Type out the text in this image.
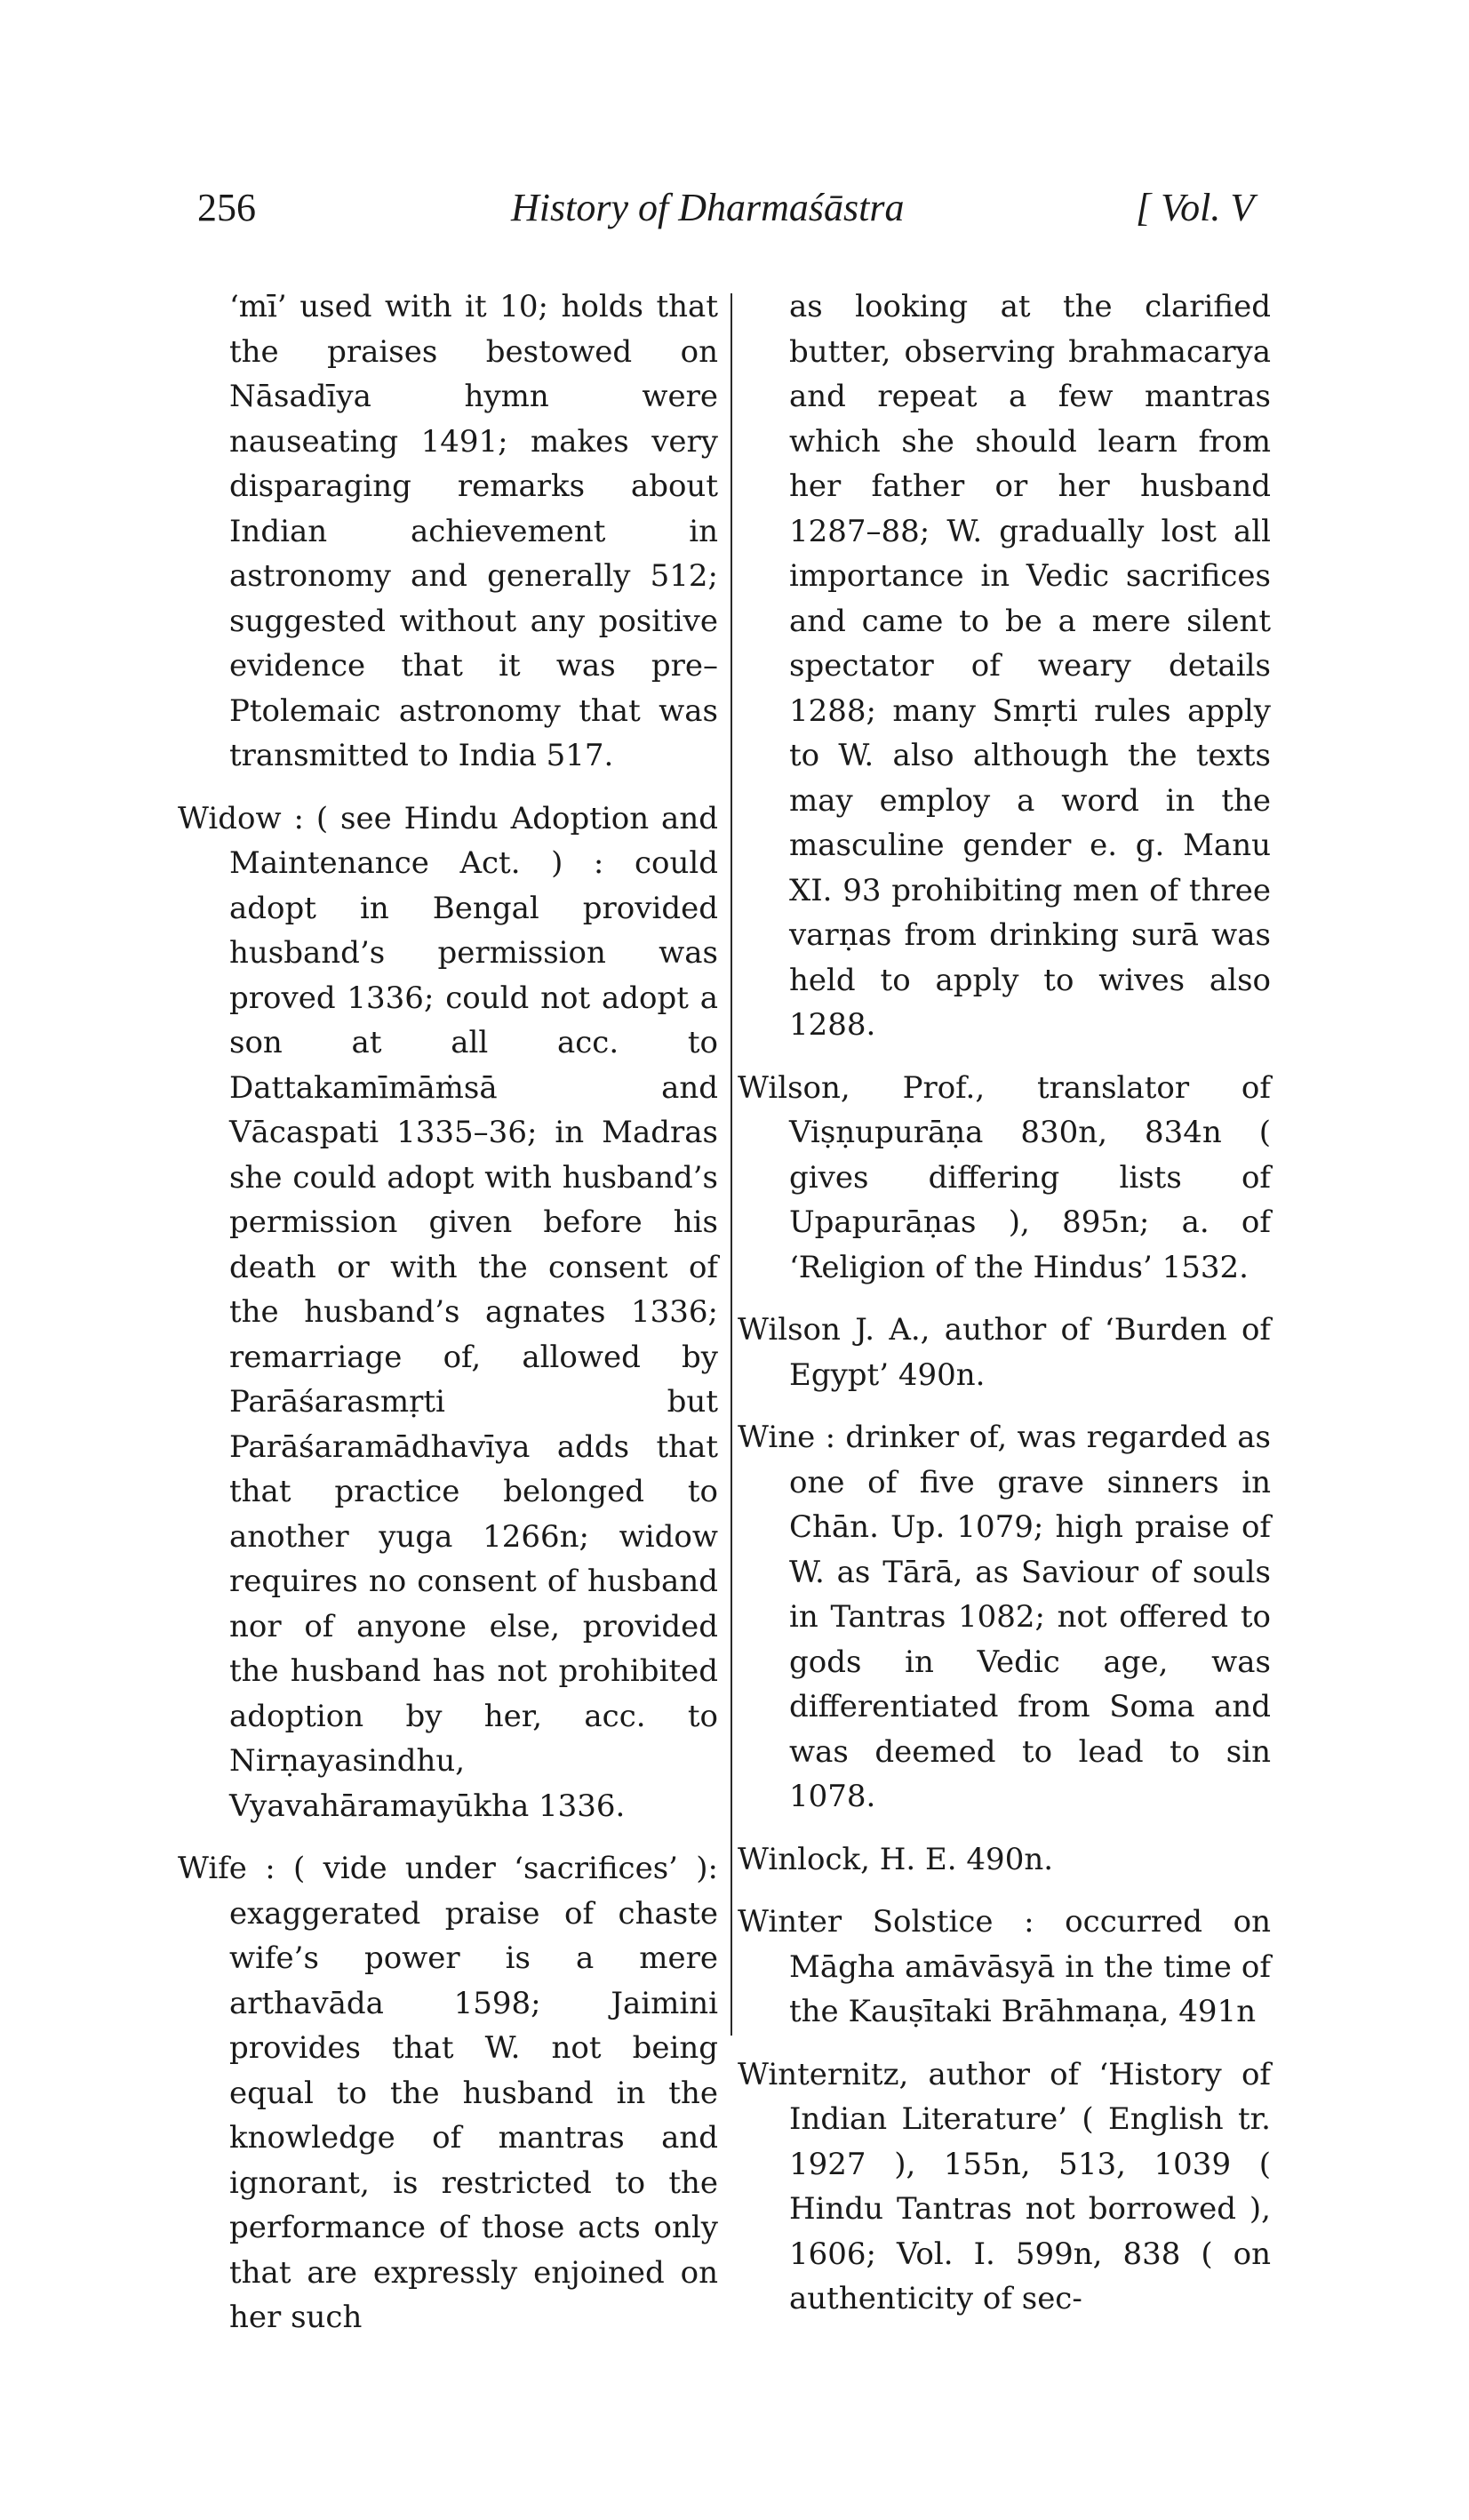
256	History of Dharmaśāstra	[ Vol. V

‘mī’ used with it 10; holds that the praises bestowed on Nāsadīya hymn were nauseating 1491; makes very disparaging remarks about Indian achievement in astronomy and generally 512; suggested without any positive evidence that it was pre–Ptolemaic astronomy that was transmitted to India 517.

Widow : ( see Hindu Adoption and Maintenance Act. ) : could adopt in Bengal provided husband’s permission was proved 1336; could not adopt a son at all acc. to Dattakamīmāṁsā and Vācaspati 1335–36; in Madras she could adopt with husband’s permission given before his death or with the consent of the husband’s agnates 1336; remarriage of, allowed by Parāśarasmṛti but Parāśaramādhavīya adds that that practice belonged to another yuga 1266n; widow requires no consent of husband nor of anyone else, provided the husband has not prohibited adoption by her, acc. to Nirṇayasindhu, Vyavahāramayūkha 1336.

Wife : ( vide under ‘sacrifices’ ): exaggerated praise of chaste wife’s power is a mere arthavāda 1598; Jaimini provides that W. not being equal to the husband in the knowledge of mantras and ignorant, is restricted to the performance of those acts only that are expressly enjoined on her such

as looking at the clarified butter, observing brahmacarya and repeat a few mantras which she should learn from her father or her husband 1287–88; W. gradually lost all importance in Vedic sacrifices and came to be a mere silent spectator of weary details 1288; many Smṛti rules apply to W. also although the texts may employ a word in the masculine gender e. g. Manu XI. 93 prohibiting men of three varṇas from drinking surā was held to apply to wives also 1288.

Wilson, Prof., translator of Viṣṇupurāṇa 830n, 834n ( gives differing lists of Upapurāṇas ), 895n; a. of ‘Religion of the Hindus’ 1532.

Wilson J. A., author of ‘Burden of Egypt’ 490n.

Wine : drinker of, was regarded as one of five grave sinners in Chān. Up. 1079; high praise of W. as Tārā, as Saviour of souls in Tantras 1082; not offered to gods in Vedic age, was differentiated from Soma and was deemed to lead to sin 1078.

Winlock, H. E. 490n.

Winter Solstice : occurred on Māgha amāvāsyā in the time of the Kauṣītaki Brāhmaṇa, 491n

Winternitz, author of ‘History of Indian Literature’ ( English tr. 1927 ), 155n, 513, 1039 ( Hindu Tantras not borrowed ), 1606; Vol. I. 599n, 838 ( on authenticity of sec-
